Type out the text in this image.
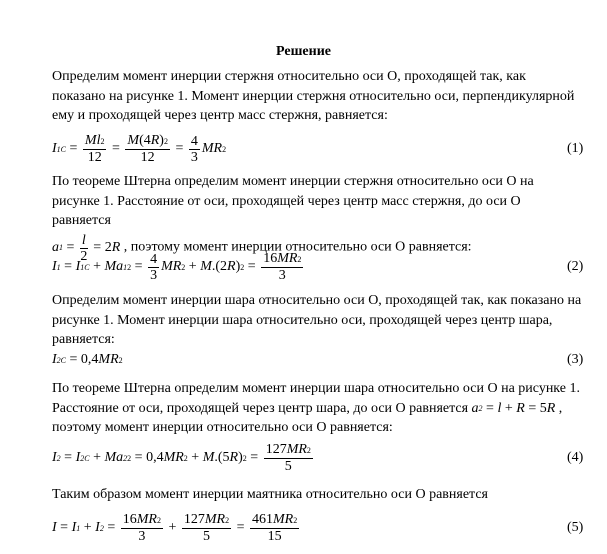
Решение
Определим момент инерции стержня относительно оси О, проходящей так, как показано на рисунке 1. Момент инерции стержня относительно оси, перпендикулярной ему и проходящей через центр масс стержня, равняется:
I $1C = \frac{Ml 2}{12} = \frac{M (4 R ) 2}{12} = \frac{4}{3}$ MR 2	(1)
По теореме Штерна определим момент инерции стержня относительно оси О на рисунке 1. Расстояние от оси, проходящей через центр масс стержня, до оси О равняется

a $1 = \frac{l}{2} = 2$ R , поэтому момент инерции относительно оси О равняется:
I 1 = I 1C + Ma 1 $2 = \frac{4}{3}$ MR 2 + M .(2 R ) $2 = \frac{16 MR 2}{3}$	(2)
Определим момент инерции шара относительно оси О, проходящей так, как показано на рисунке 1. Момент инерции шара относительно оси, проходящей через центр шара, равняется:
I 2C = 0,4 MR 2	(3)
По теореме Штерна определим момент инерции шара относительно оси О на рисунке 1. Расстояние от оси, проходящей через центр шара, до оси О равняется a 2 = l + R = 5 R ,
поэтому момент инерции относительно оси О равняется:
I 2 = I 2C + Ma 2 2 = 0,4 MR 2 + M .(5 R ) $2 = \frac{127 MR 2}{5}$	(4)
Таким образом момент инерции маятника относительно оси О равняется
I = I 1 + I $2 = \frac{16 MR 2}{3} + \frac{127 MR 2}{5} = \frac{461 MR 2}{15}$	(5)
